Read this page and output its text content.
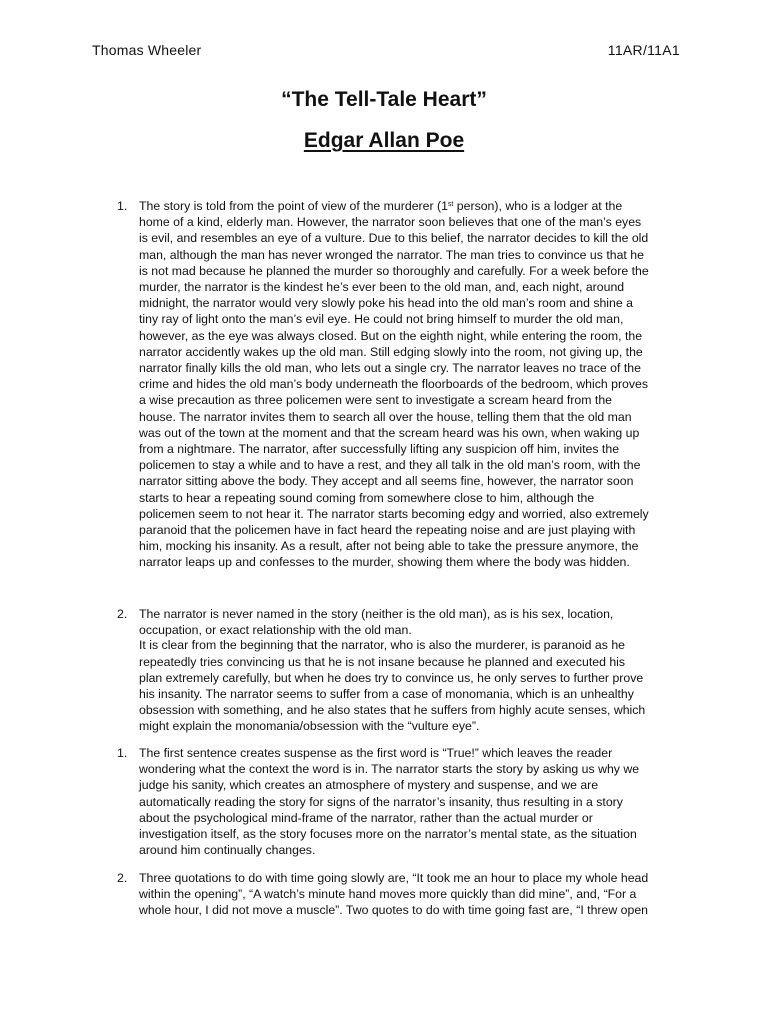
Thomas Wheeler	11AR/11A1
“The Tell-Tale Heart”
Edgar Allan Poe
1. The story is told from the point of view of the murderer (1st person), who is a lodger at the
home of a kind, elderly man. However, the narrator soon believes that one of the man’s eyes
is evil, and resembles an eye of a vulture. Due to this belief, the narrator decides to kill the old
man, although the man has never wronged the narrator. The man tries to convince us that he
is not mad because he planned the murder so thoroughly and carefully. For a week before the
murder, the narrator is the kindest he’s ever been to the old man, and, each night, around
midnight, the narrator would very slowly poke his head into the old man’s room and shine a
tiny ray of light onto the man’s evil eye. He could not bring himself to murder the old man,
however, as the eye was always closed. But on the eighth night, while entering the room, the
narrator accidently wakes up the old man. Still edging slowly into the room, not giving up, the
narrator finally kills the old man, who lets out a single cry. The narrator leaves no trace of the
crime and hides the old man’s body underneath the floorboards of the bedroom, which proves
a wise precaution as three policemen were sent to investigate a scream heard from the
house. The narrator invites them to search all over the house, telling them that the old man
was out of the town at the moment and that the scream heard was his own, when waking up
from a nightmare. The narrator, after successfully lifting any suspicion off him, invites the
policemen to stay a while and to have a rest, and they all talk in the old man’s room, with the
narrator sitting above the body. They accept and all seems fine, however, the narrator soon
starts to hear a repeating sound coming from somewhere close to him, although the
policemen seem to not hear it. The narrator starts becoming edgy and worried, also extremely
paranoid that the policemen have in fact heard the repeating noise and are just playing with
him, mocking his insanity. As a result, after not being able to take the pressure anymore, the
narrator leaps up and confesses to the murder, showing them where the body was hidden.
2. The narrator is never named in the story (neither is the old man), as is his sex, location,
occupation, or exact relationship with the old man.
It is clear from the beginning that the narrator, who is also the murderer, is paranoid as he
repeatedly tries convincing us that he is not insane because he planned and executed his
plan extremely carefully, but when he does try to convince us, he only serves to further prove
his insanity. The narrator seems to suffer from a case of monomania, which is an unhealthy
obsession with something, and he also states that he suffers from highly acute senses, which
might explain the monomania/obsession with the “vulture eye”.
1. The first sentence creates suspense as the first word is “True!” which leaves the reader
wondering what the context the word is in. The narrator starts the story by asking us why we
judge his sanity, which creates an atmosphere of mystery and suspense, and we are
automatically reading the story for signs of the narrator’s insanity, thus resulting in a story
about the psychological mind-frame of the narrator, rather than the actual murder or
investigation itself, as the story focuses more on the narrator’s mental state, as the situation
around him continually changes.
2. Three quotations to do with time going slowly are, “It took me an hour to place my whole head
within the opening”, “A watch’s minute hand moves more quickly than did mine”, and, “For a
whole hour, I did not move a muscle”. Two quotes to do with time going fast are, “I threw open
